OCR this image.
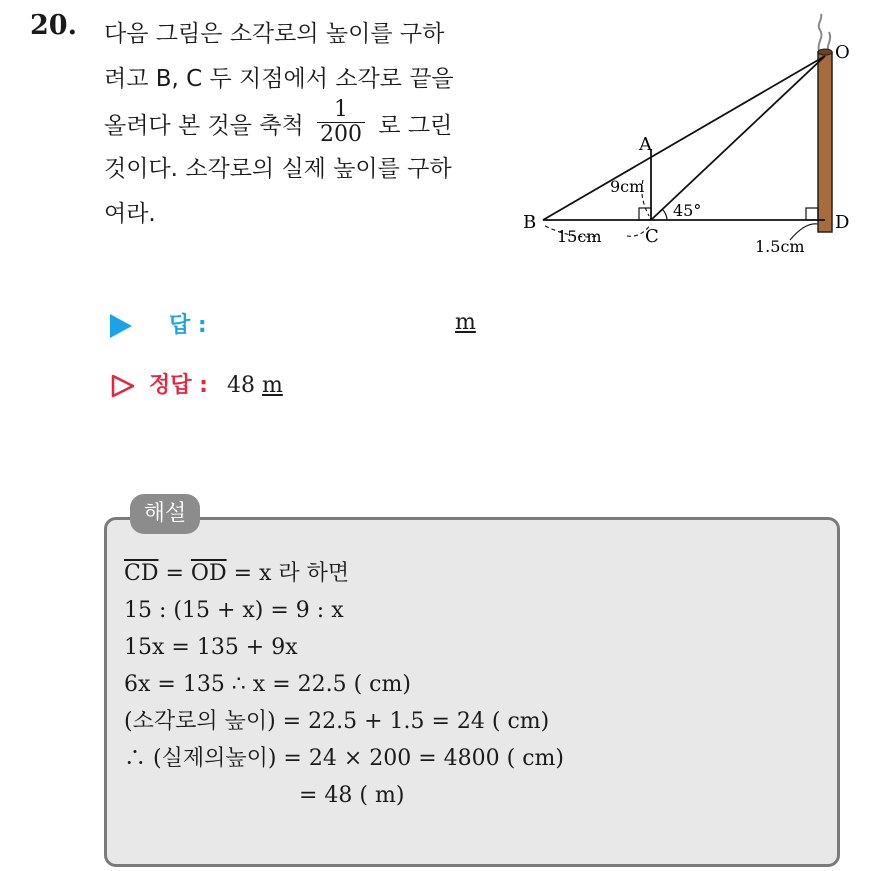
20. 다음 그림은 소각로의 높이를 구하
려고 B, C 두 지점에서 소각로 끝을
올려다 본 것을 축척 $\frac{1}{200}$ 로 그린
것이다. 소각로의 실제 높이를 구하
여라.
O
A
B
C
D
9cm
45°
15cm
1.5cm
답 :	m
정답 : 48 m
해설
$\overline{CD} = \overline{OD} = x$ 라 하면
15 : (15 + x) = 9 : x
15x = 135 + 9x
6x = 135 ∴ x = 22.5 ( cm)
(소각로의 높이) = 22.5 + 1.5 = 24 ( cm)
∴ (실제의높이) = 24 × 200 = 4800 ( cm)
= 48 ( m)
